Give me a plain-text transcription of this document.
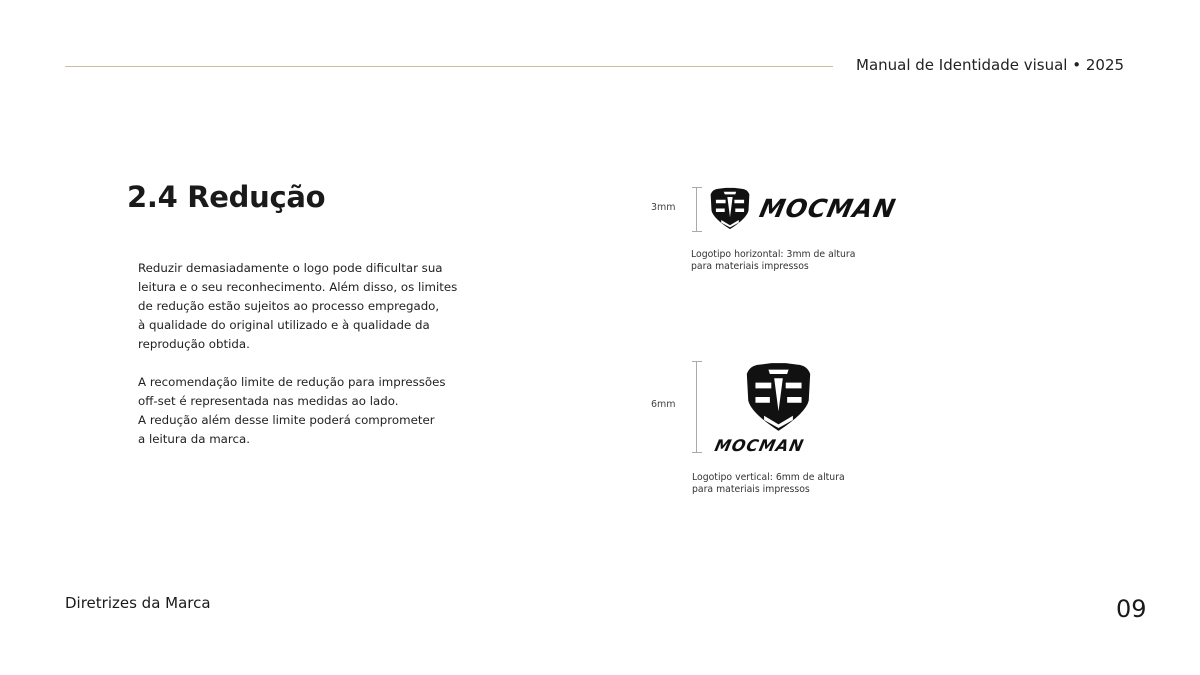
Manual de Identidade visual • 2025
2.4 Redução
Reduzir demasiadamente o logo pode dificultar sua
leitura e o seu reconhecimento. Além disso, os limites
de redução estão sujeitos ao processo empregado,
à qualidade do original utilizado e à qualidade da
reprodução obtida.
A recomendação limite de redução para impressões
off-set é representada nas medidas ao lado.
A redução além desse limite poderá comprometer
a leitura da marca.
3mm	MOCMAN
Logotipo horizontal: 3mm de altura
para materiais impressos
6mm
MOCMAN
Logotipo vertical: 6mm de altura
para materiais impressos
Diretrizes da Marca	09
